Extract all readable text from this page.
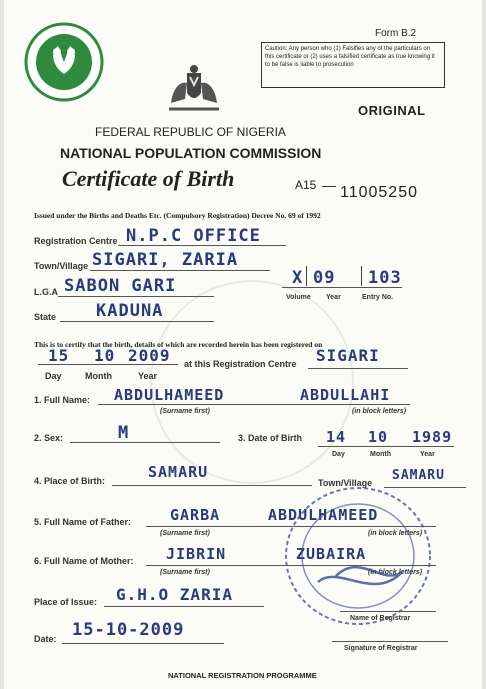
Form B.2
Caution: Any person who (1) Falsifies any of the particulars on this certificate or (2) uses a falsified certificate as true knowing it to be false is liable to prosecution
ORIGINAL
FEDERAL REPUBLIC OF NIGERIA
NATIONAL POPULATION COMMISSION
Certificate of Birth	A15 11005250
Issued under the Births and Deaths Etc. (Compulsory Registration) Decree No. 69 of 1992
Registration Centre N.P.C OFFICE
Town/Village SIGARI, ZARIA
L.G.A SABON GARI
State KADUNA
X 09 103
Volume Year	Entry No.
This is to certify that the birth, details of which are recorded herein has been registered on
15 10 2009
Day	Month	Year
at this Registration Centre SIGARI
1. Full Name: ABDULHAMEED	ABDULLAHI
(Surname first)	(in block letters)
2. Sex:	M	3. Date of Birth 14 10 1989
Day	Month	Year
4. Place of Birth:	SAMARU
Town/Village SAMARU
5. Full Name of Father:	GARBA	ABDULHAMEED
(Surname first)	(in block letters)
6. Full Name of Mother: JIBRIN	ZUBAIRA
(Surname first)	(in block letters)
Place of Issue: G.H.O ZARIA
Name of Registrar
Date: 15-10-2009
Signature of Registrar
NATIONAL REGISTRATION PROGRAMME
